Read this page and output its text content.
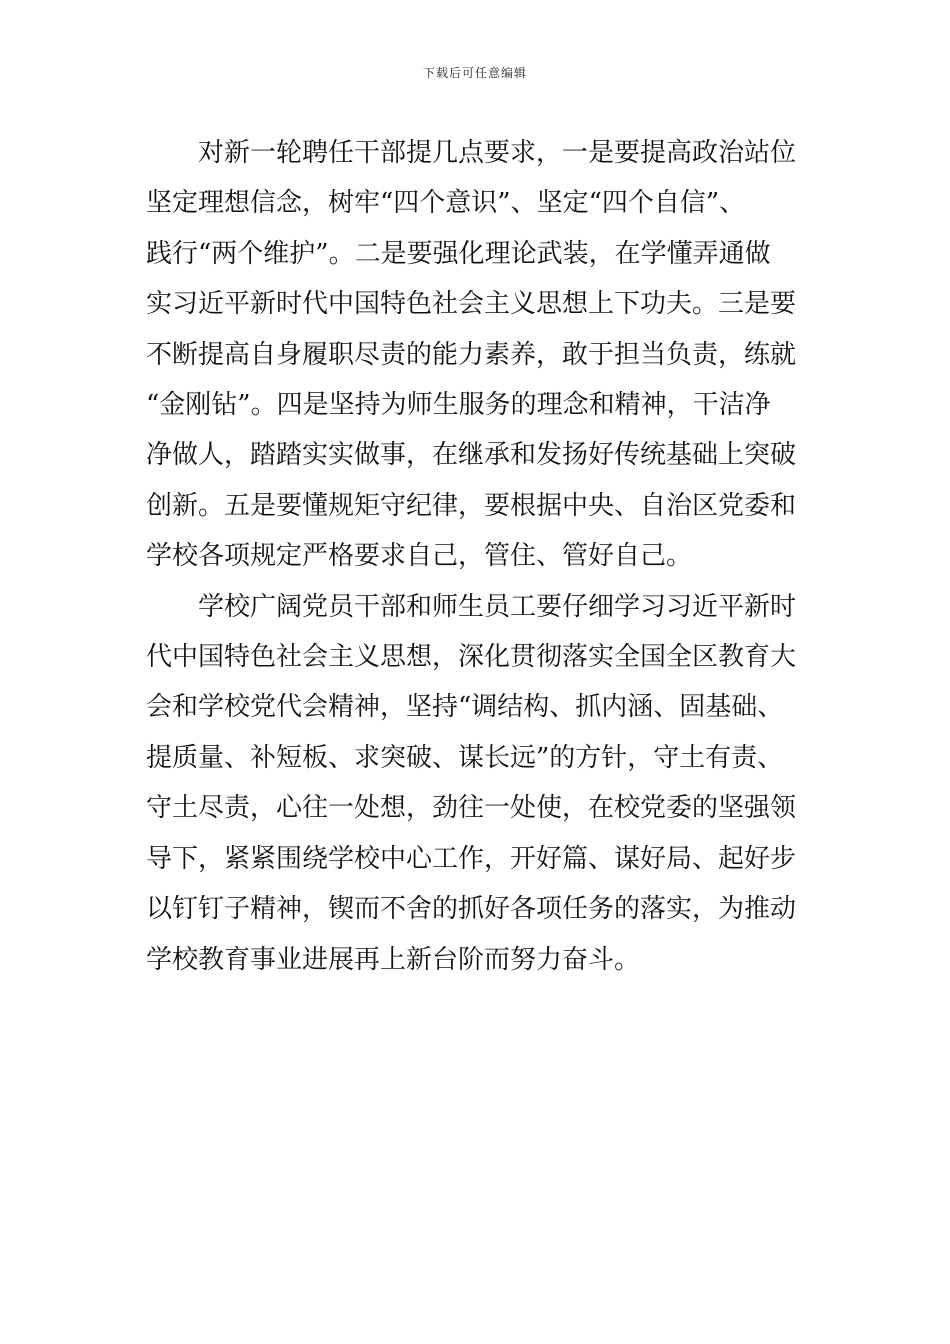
下载后可任意编辑
对新一轮聘任干部提几点要求，一是要提高政治站位
坚定理想信念，树牢“四个意识”、坚定“四个自信”、
践行“两个维护”。二是要强化理论武装，在学懂弄通做
实习近平新时代中国特色社会主义思想上下功夫。三是要
不断提高自身履职尽责的能力素养，敢于担当负责，练就
“金刚钻”。四是坚持为师生服务的理念和精神，干洁净
净做人，踏踏实实做事，在继承和发扬好传统基础上突破
创新。五是要懂规矩守纪律，要根据中央、自治区党委和
学校各项规定严格要求自己，管住、管好自己。
学校广阔党员干部和师生员工要仔细学习习近平新时
代中国特色社会主义思想，深化贯彻落实全国全区教育大
会和学校党代会精神，坚持“调结构、抓内涵、固基础、
提质量、补短板、求突破、谋长远”的方针，守土有责、
守土尽责，心往一处想，劲往一处使，在校党委的坚强领
导下，紧紧围绕学校中心工作，开好篇、谋好局、起好步
以钉钉子精神，锲而不舍的抓好各项任务的落实，为推动
学校教育事业进展再上新台阶而努力奋斗。
